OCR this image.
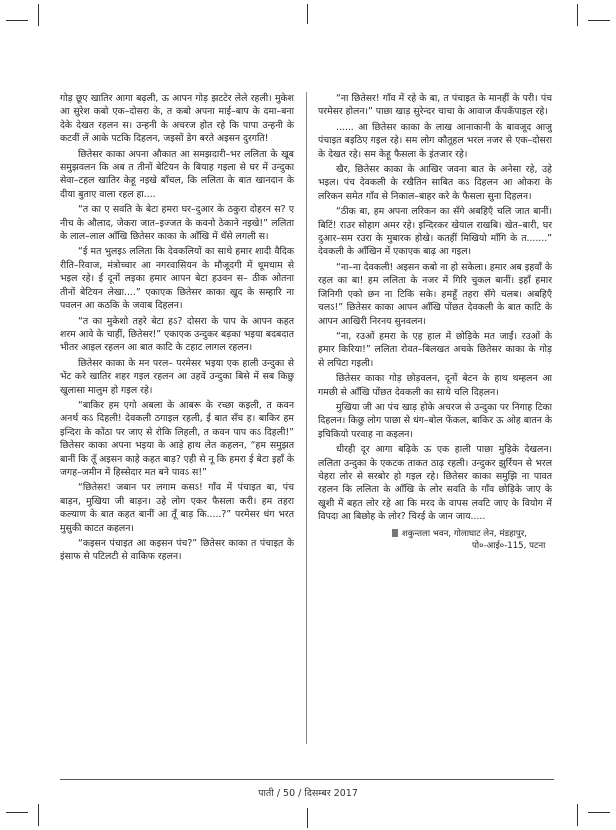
गोड़ छूए खातिर आगा बढ़ली, ऊ आपन गोड़ झटटेर लेले रहली। मुकेश आ सुरेश कबो एक–दोसरा के, त कबो अपना माई–बाप के दमा–बना देके देखत रहलन स। उन्हनी के अचरज होत रहे कि पापा उन्हनी के कटवीं लें आके पटकि दिहलन, जइसों डेग बरते अइसन दुरगति!

छितेसर काका अपना औकात आ समझदारी–भर ललिता के खूब समुझवलन कि अब त तीनों बेटियन के बियाह गइला से घर में उन्दुका सेवा–टहल खातिर केहू नइखे बाँचल, कि ललिता के बात खानदान के दीया बुताए वाला रहल हा....

“त का ए सवति के बेटा हमरा घर–दुआर के ठकुरा दोहरन स? ए नीच के औलाद, जेकरा जात–इज्जत के कवनो ठेकाने नइखे!” ललिता के लाल–लाल आँखि छितेसर काका के आँखि में धँसे लगली स।

“ई मत भुलइऽ ललिता कि देवकलियों का साथे हमार शादी वैदिक रीति–रिवाज, मंत्रोच्चार आ नगरवासियन के मौजूदगी में धूमधाम से भइल रहे। ई दूनों लइका हमार आपन बेटा हउवन स– ठीक ओतना तीनों बेटियन लेखा....” एकाएक छितेसर काका खुद के सम्हारि ना पवलन आ कठकि के जवाब दिहलन।

“त का मुकेशो तहरे बेटा हऽ? दोसरा के पाप के आपन कहत शरम आवे के चाहीं, छितेसर!” एकाएक उन्दुकर बड़का भइया बदबदात भीतर आइल रहलन आ बात काटि के टहाट लागल रहलन।

छितेसर काका के मन परल– परमेसर भइया एक हाली उन्दुका से भेंट करे खातिर शहर गइल रहलन आ उहवें उन्दुका बिसे में सब किछु खुलासा मालुम हो गइल रहे।

“बाकिर हम एगो अबला के आबरू के रच्छा कइली, त कवन अनर्थ कऽ दिहली! देवकली ठगाइल रहली, ई बात सँच ह। बाकिर हम इन्दिरा के कोंठा पर जाए से रोकि लिहली, त कवन पाप कऽ दिहली!” छितेसर काका अपना भइया के आड़े हाथ लेत कहलन, “हम समुझत बानीं कि तूँ अइसन काहे कहत बाड़? एही से नू कि हमरा ई बेटा इहाँ के जगह–जमीन में हिस्सेदार मत बने पावऽ स!”

“छितेसर! जबान पर लगाम कसऽ! गाँव में पंचाइत बा, पंच बाड़न, मुखिया जी बाड़न। उहे लोग एकर फैसला करी। हम तहरा कल्याण के बात कहत बानीं आ तूँ बाड़ कि.....?” परमेसर धंग भरत मुसुकी काटत कहलन।

“कइसन पंचाइत आ कइसन पंच?” छितेसर काका त पंचाइत के इंसाफ से पटिलटी से वाकिफ रहलन।

“ना छितेसर! गाँव में रहे के बा, त पंचाइत के मानहीं के परी। पंच परमेसर होलन।” पाछा खाड़ सुरेन्दर चाचा के आवाज कँपकँपाइल रहे।

...... आ छितेसर काका के लाख आनाकानी के बावजूद आजु पंचाइत बइठिए गइल रहे। सम लोग कौतूहल भरल नजर से एक–दोसरा के देखत रहे। सम केहू फैसला के इंतजार रहे।

खैर, छितेसर काका के आखिर जवना बात के अनेसा रहे, उहे भइल। पंच देवकली के रखैतिन साबित कऽ दिहलन आ ओकरा के लरिकन समेत गाँव से निकाल–बाहर करे के फैसला सुना दिहलन।

“ठीक बा, हम अपना लरिकन का सँगे अबहिएँ चलि जात बानीं। बिटिं! राउर सोहाग अमर रहे। इन्दिरकर खेयाल राखबि। खेत–बारी, घर दुआर–सम रउरा के मुबारक होखे। कतहीं मिखियो माँगि के त.......” देवकली के आँखिन में एकाएक बाढ़ आ गइल।

“ना–ना देवकली! अइसन कबो ना हो सकेला। हमार अब इहवाँ के रहल का बा! हम ललिता के नजर में गिरि चुकल बानीं। इहाँ हमार जिनिगी एको छन ना टिकि सके। हमहूँ तहरा सँगे चलब। अबहिएँ चलऽ!” छितेसर काका आपन आँखि पोंछत देवकली के बात काटि के आपन आखिरी निरनय सुनवलन।

“ना, रउओं हमरा के एह हाल में छोड़िके मत जाईं। रउओं के हमार किरिया!” ललिता रोवत–बिलखत अचके छितेसर काका के गोड़ से लपिटा गइली।

छितेसर काका गोड़ छोड़वलन, दूनों बेटन के हाथ थम्हलन आ गमछी से आँखि पोंछत देवकली का साथे चलि दिहलन।

मुखिया जी आ पंच खाड़ होके अचरज से उन्दुका पर निगाह टिका दिहलन। किछु लोग पाछा से धंग–बोल फेंकल, बाकिर ऊ ओह बातन के इचिकियो परवाह ना कइलन।

धीरही दूर आगा बढ़िके ऊ एक हाली पाछा मुड़िके देखलन। ललिता उन्दुका के एकटक ताकत ठाढ़ रहली। उन्दुकर झुर्रियन से भरल चेहरा लोर से सरबोर हो गइल रहे। छितेसर काका समुझि ना पावत रहलन कि ललिता के आँखि के लोर सवति के गाँव छोड़िके जाए के खुशी में बहत लोर रहे आ कि मरद के वापस लवटि जाए के वियोग में विपदा आ बिछोह के लोर? चिरई के जान जाय.....

शकुन्तला भवन, गोलाघाट लेन, मंडहापुर,
पो०-आई०-115, पटना
पाती / 50 / दिसम्बर 2017
